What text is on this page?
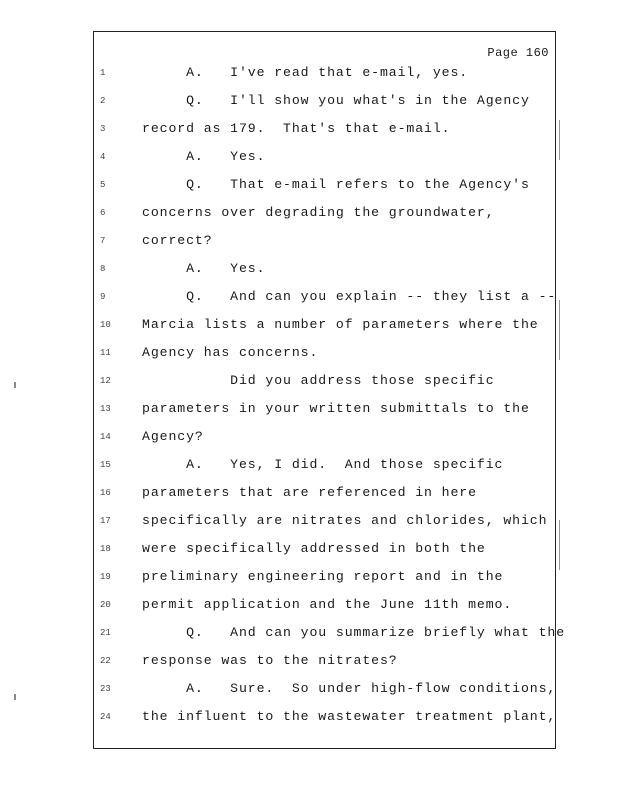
Page 160
1	A.   I've read that e-mail, yes.
2	Q.   I'll show you what's in the Agency
3	record as 179.  That's that e-mail.
4	A.   Yes.
5	Q.   That e-mail refers to the Agency's
6	concerns over degrading the groundwater,
7	correct?
8	A.   Yes.
9	Q.   And can you explain -- they list a --
10	Marcia lists a number of parameters where the
11	Agency has concerns.
12	Did you address those specific
13	parameters in your written submittals to the
14	Agency?
15	A.   Yes, I did.  And those specific
16	parameters that are referenced in here
17	specifically are nitrates and chlorides, which
18	were specifically addressed in both the
19	preliminary engineering report and in the
20	permit application and the June 11th memo.
21	Q.   And can you summarize briefly what the
22	response was to the nitrates?
23	A.   Sure.  So under high-flow conditions,
24	the influent to the wastewater treatment plant,
